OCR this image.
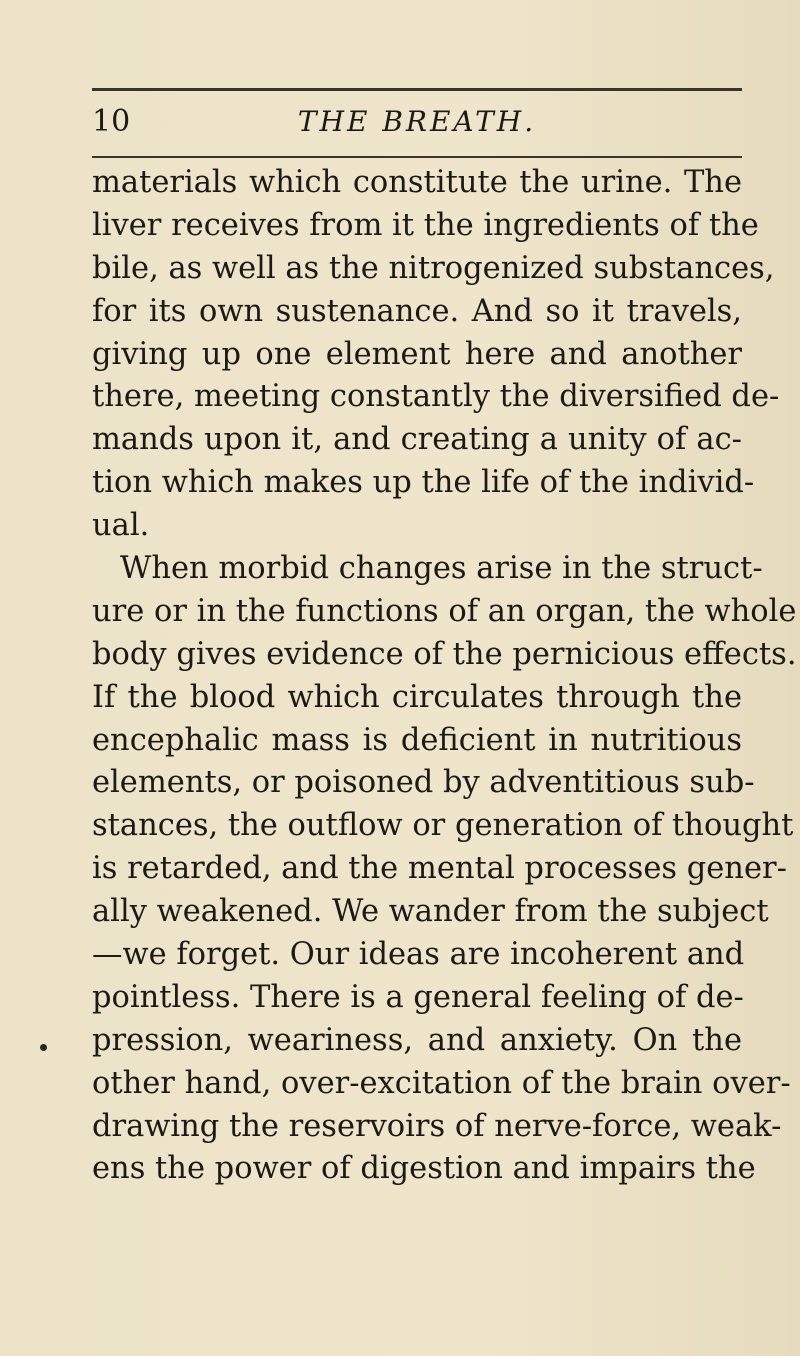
10	THE BREATH.
materials which constitute the urine. The
liver receives from it the ingredients of the
bile, as well as the nitrogenized substances,
for its own sustenance. And so it travels,
giving up one element here and another
there, meeting constantly the diversified de-
mands upon it, and creating a unity of ac-
tion which makes up the life of the individ-
ual.
When morbid changes arise in the struct-
ure or in the functions of an organ, the whole
body gives evidence of the pernicious effects.
If the blood which circulates through the
encephalic mass is deficient in nutritious
elements, or poisoned by adventitious sub-
stances, the outflow or generation of thought
is retarded, and the mental processes gener-
ally weakened. We wander from the subject
—we forget. Our ideas are incoherent and
pointless. There is a general feeling of de-
pression, weariness, and anxiety. On the
other hand, over-excitation of the brain over-
drawing the reservoirs of nerve-force, weak-
ens the power of digestion and impairs the
